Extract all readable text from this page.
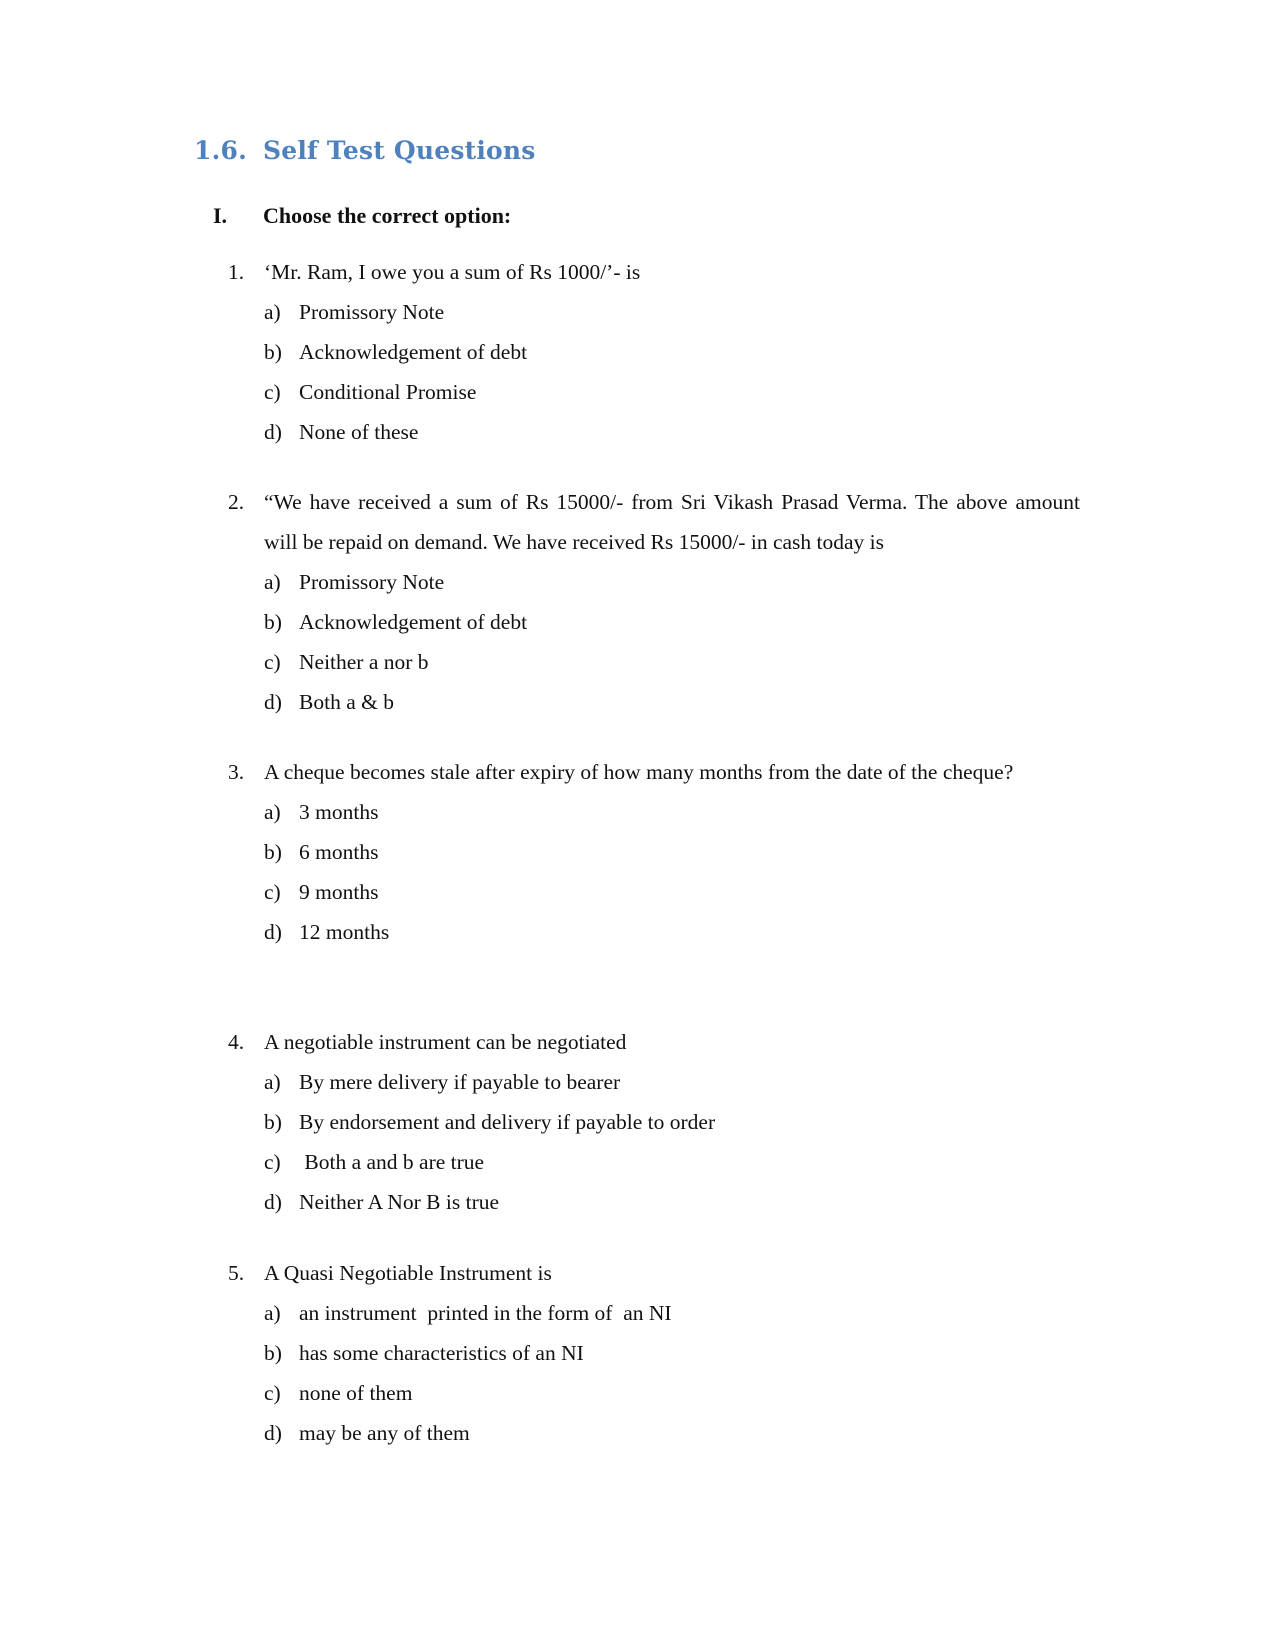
1.6. Self Test Questions
I. Choose the correct option:
1. ‘Mr. Ram, I owe you a sum of Rs 1000/’- is
a) Promissory Note
b) Acknowledgement of debt
c) Conditional Promise
d) None of these
2. “We have received a sum of Rs 15000/- from Sri Vikash Prasad Verma. The above amount will be repaid on demand. We have received Rs 15000/- in cash today is
a) Promissory Note
b) Acknowledgement of debt
c) Neither a nor b
d) Both a & b
3. A cheque becomes stale after expiry of how many months from the date of the cheque?
a) 3 months
b) 6 months
c) 9 months
d) 12 months
4. A negotiable instrument can be negotiated
a) By mere delivery if payable to bearer
b) By endorsement and delivery if payable to order
c) Both a and b are true
d) Neither A Nor B is true
5. A Quasi Negotiable Instrument is
a) an instrument  printed in the form of  an NI
b) has some characteristics of an NI
c) none of them
d) may be any of them
